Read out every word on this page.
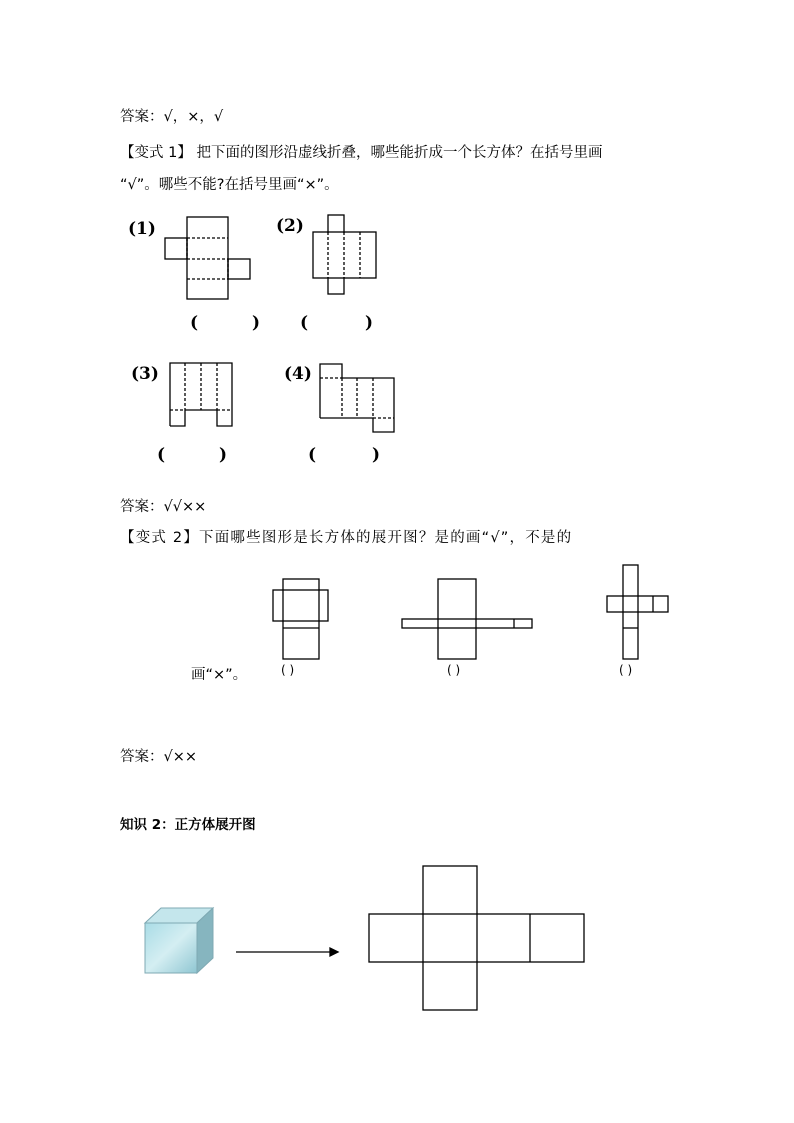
答案：√，×，√
【变式 1】 把下面的图形沿虚线折叠，哪些能折成一个长方体？在括号里画
“√”。哪些不能?在括号里画“×”。
(1)	(2)
(3)	(4)
(	) (	)
(	)	(	)
答案：√√××
【变式 2】下面哪些图形是长方体的展开图？是的画“√”，不是的
画“×”。	( )	( )	( )
答案：√××
知识 2：正方体展开图
